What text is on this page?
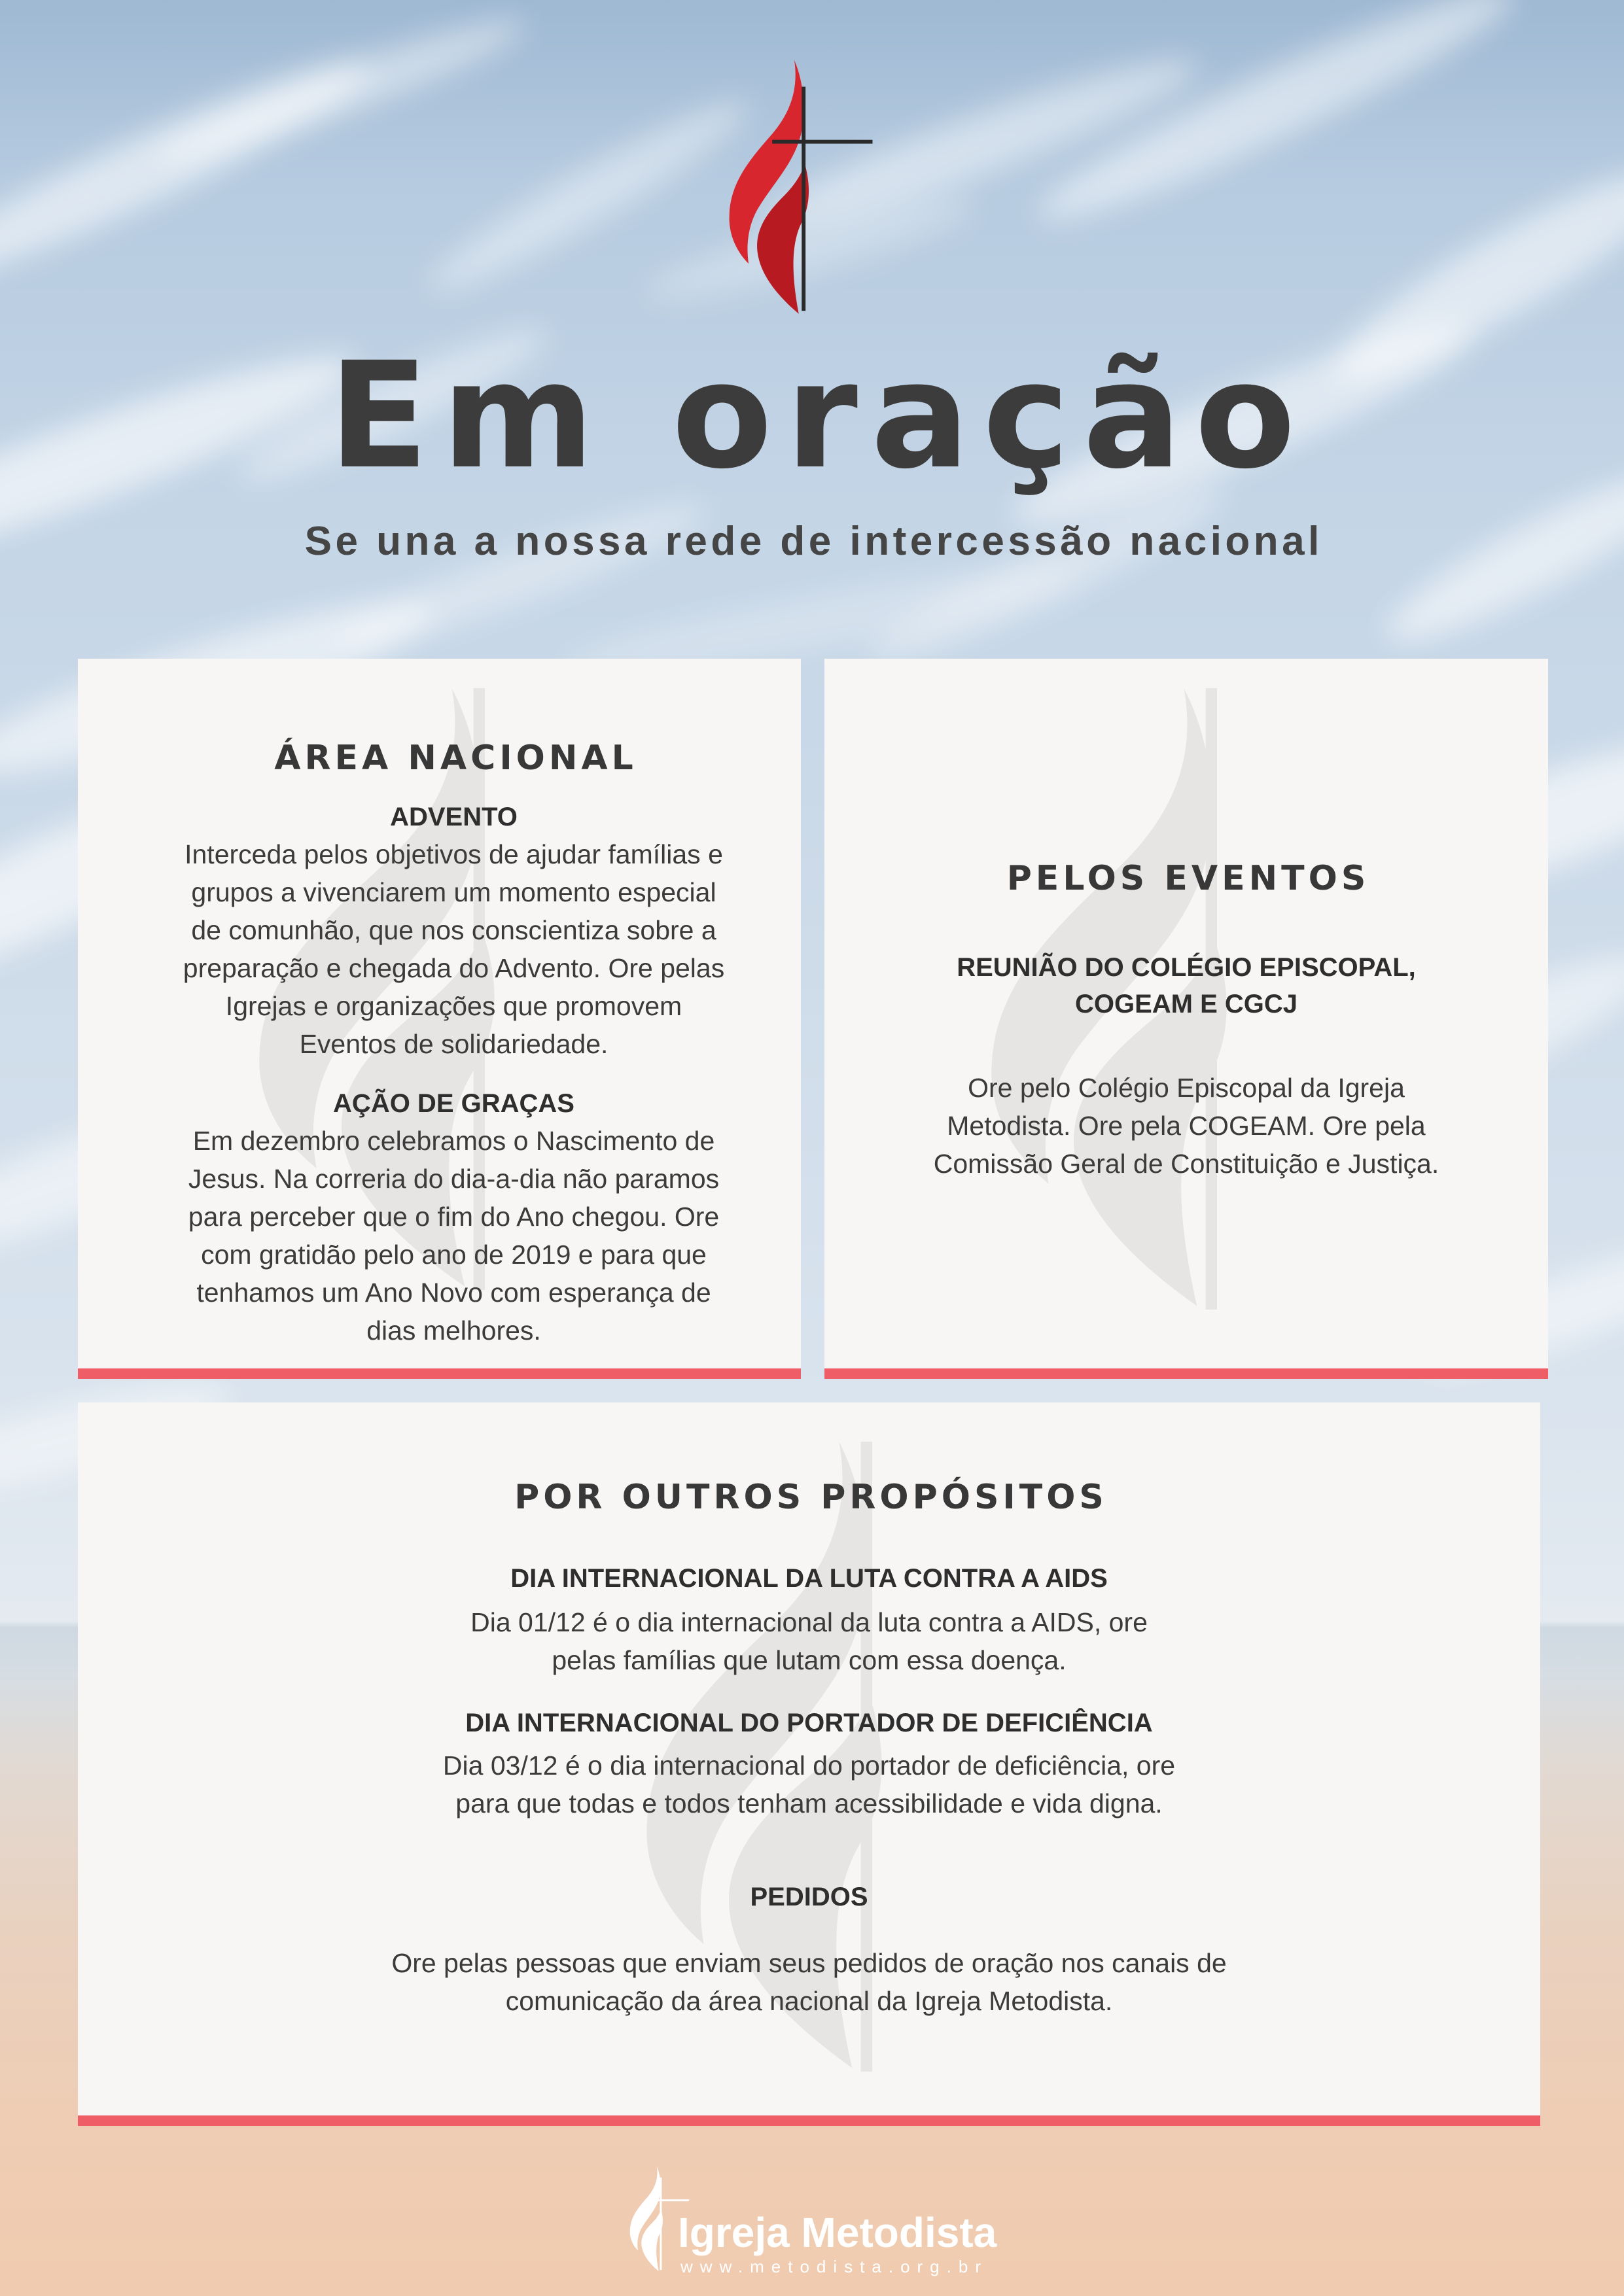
Em oração
Se una a nossa rede de intercessão nacional
ÁREA NACIONAL
ADVENTO
Interceda pelos objetivos de ajudar famílias e
grupos a vivenciarem um momento especial
de comunhão, que nos conscientiza sobre a
preparação e chegada do Advento. Ore pelas
Igrejas e organizações que promovem
Eventos de solidariedade.
AÇÃO DE GRAÇAS
Em dezembro celebramos o Nascimento de
Jesus. Na correria do dia-a-dia não paramos
para perceber que o fim do Ano chegou. Ore
com gratidão pelo ano de 2019 e para que
tenhamos um Ano Novo com esperança de
dias melhores.
PELOS EVENTOS
REUNIÃO DO COLÉGIO EPISCOPAL,
COGEAM E CGCJ
Ore pelo Colégio Episcopal da Igreja
Metodista. Ore pela COGEAM. Ore pela
Comissão Geral de Constituição e Justiça.
POR OUTROS PROPÓSITOS
DIA INTERNACIONAL DA LUTA CONTRA A AIDS
Dia 01/12 é o dia internacional da luta contra a AIDS, ore
pelas famílias que lutam com essa doença.
DIA INTERNACIONAL DO PORTADOR DE DEFICIÊNCIA
Dia 03/12 é o dia internacional do portador de deficiência, ore
para que todas e todos tenham acessibilidade e vida digna.
PEDIDOS
Ore pelas pessoas que enviam seus pedidos de oração nos canais de
comunicação da área nacional da Igreja Metodista.
Igreja Metodista
www.metodista.org.br
